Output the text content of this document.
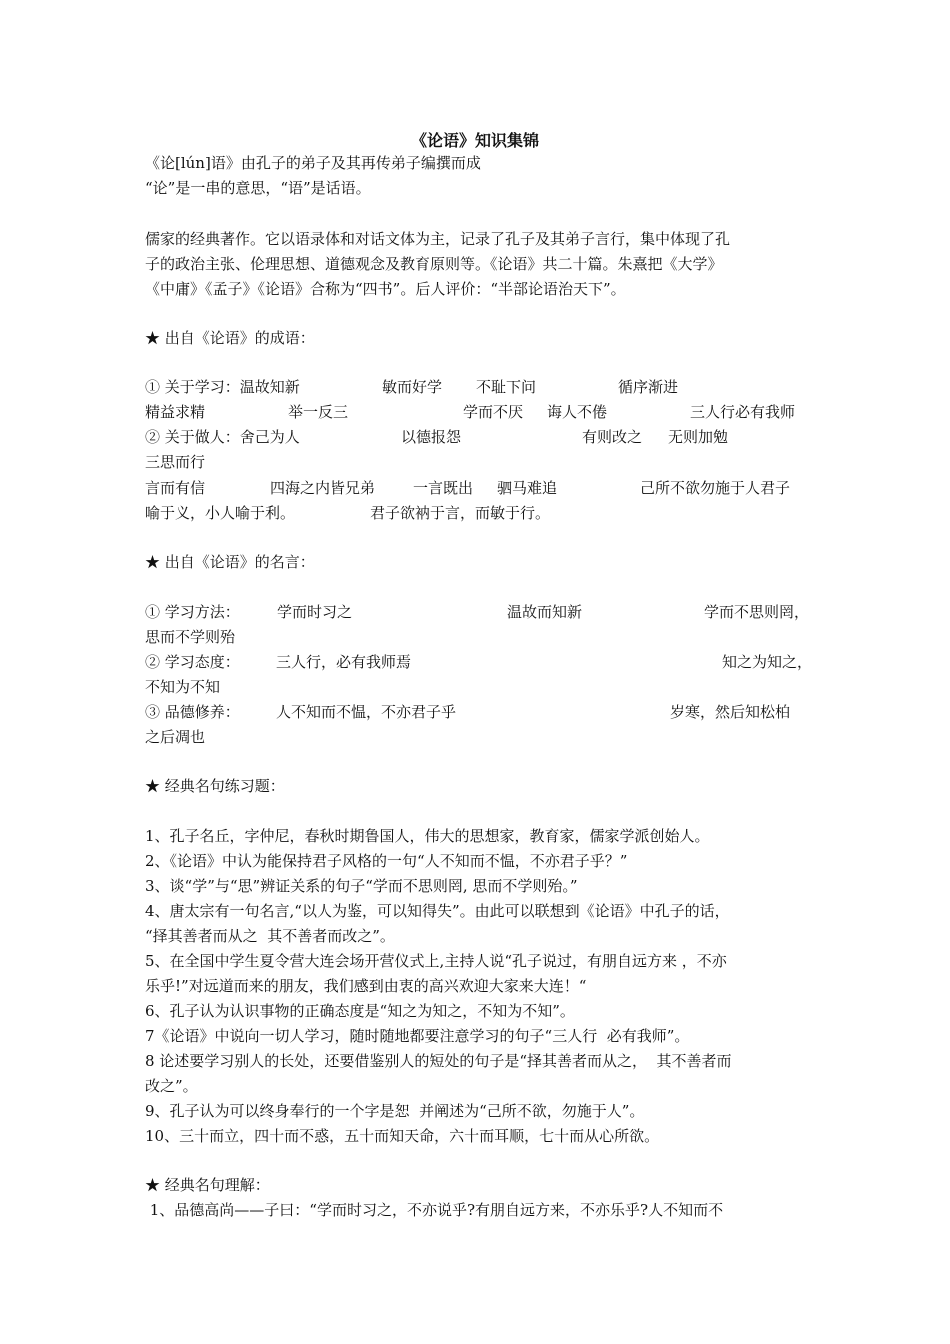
《论语》知识集锦
《论[lún]语》由孔子的弟子及其再传弟子编撰而成
“论”是一串的意思，“语”是话语。
儒家的经典著作。它以语录体和对话文体为主，记录了孔子及其弟子言行，集中体现了孔
子的政治主张、伦理思想、道德观念及教育原则等。《论语》共二十篇。朱熹把《大学》
《中庸》《孟子》《论语》合称为“四书”。后人评价：“半部论语治天下”。
★ 出自《论语》的成语：
① 关于学习：温故知新	敏而好学 不耻下问	循序渐进
精益求精	举一反三	学而不厌 诲人不倦	三人行必有我师
② 关于做人：舍己为人	以德报怨	有则改之 无则加勉
三思而行
言而有信	四海之内皆兄弟	一言既出 驷马难追	己所不欲勿施于人君子
喻于义，小人喻于利。	君子欲衲于言，而敏于行。
★ 出自《论语》的名言：
① 学习方法： 学而时习之	温故而知新	学而不思则罔，
思而不学则殆
② 学习态度： 三人行，必有我师焉	知之为知之，
不知为不知
③ 品德修养： 人不知而不愠，不亦君子乎	岁寒，然后知松柏
之后凋也
★ 经典名句练习题：
1、孔子名丘，字仲尼，春秋时期鲁国人，伟大的思想家，教育家，儒家学派创始人。
2、《论语》中认为能保持君子风格的一句“人不知而不愠，不亦君子乎？”
3、谈“学”与“思”辨证关系的句子“学而不思则罔, 思而不学则殆。”
4、唐太宗有一句名言,“以人为鉴，可以知得失”。由此可以联想到《论语》中孔子的话，
“择其善者而从之  其不善者而改之”。
5、在全国中学生夏令营大连会场开营仪式上,主持人说“孔子说过，有朋自远方来 ，不亦
乐乎!”对远道而来的朋友，我们感到由衷的高兴欢迎大家来大连！“
6、孔子认为认识事物的正确态度是“知之为知之，不知为不知”。
7《论语》中说向一切人学习，随时随地都要注意学习的句子“三人行  必有我师”。
8 论述要学习别人的长处，还要借鉴别人的短处的句子是“择其善者而从之，  其不善者而
改之”。
9、孔子认为可以终身奉行的一个字是恕  并阐述为“己所不欲，勿施于人”。
10、三十而立，四十而不惑，五十而知天命，六十而耳顺，七十而从心所欲。
★ 经典名句理解：
1、品德高尚——子曰：“学而时习之，不亦说乎?有朋自远方来，不亦乐乎?人不知而不
